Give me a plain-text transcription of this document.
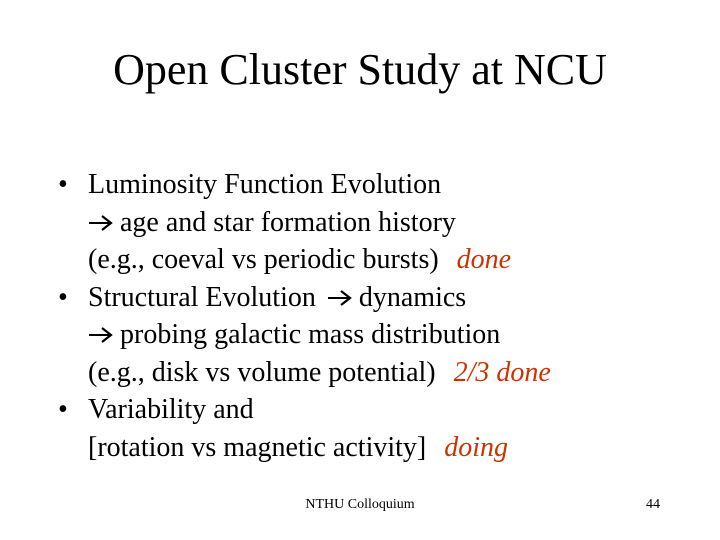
Open Cluster Study at NCU
• Luminosity Function Evolution
age and star formation history
(e.g., coeval vs periodic bursts) done
• Structural Evolution dynamics
probing galactic mass distribution
(e.g., disk vs volume potential) 2/3 done
• Variability and
[rotation vs magnetic activity] doing
NTHU Colloquium	44
